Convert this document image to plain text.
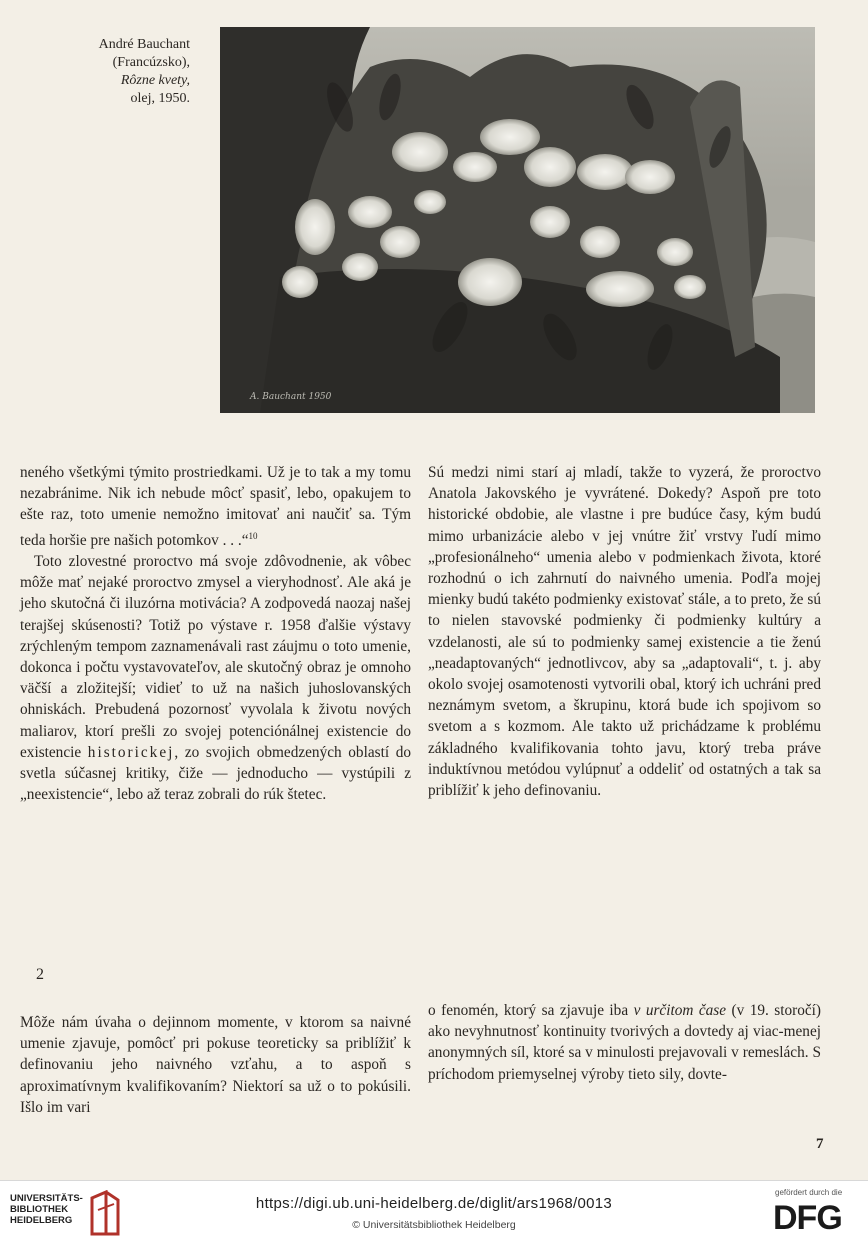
André Bauchant
(Francúzsko),
Rôzne kvety,
olej, 1950.
A. Bauchant 1950

neného všetkými týmito prostriedkami. Už je to tak a my tomu nezabránime. Nik ich nebude môcť spasiť, lebo, opakujem to ešte raz, toto umenie nemožno imitovať ani naučiť sa. Tým teda horšie pre našich potomkov . . .“$^{10}$

Toto zlovestné proroctvo má svoje zdôvodnenie, ak vôbec môže mať nejaké proroctvo zmysel a vieryhodnosť. Ale aká je jeho skutočná či iluzórna motivácia? A zodpovedá naozaj našej terajšej skúsenosti? Totiž po výstave r. 1958 ďalšie výstavy zrýchleným tempom zaznamenávali rast záujmu o toto umenie, dokonca i počtu vystavovateľov, ale skutočný obraz je omnoho väčší a zložitejší; vidieť to už na našich juhoslovanských ohniskách. Prebudená pozornosť vyvolala k životu nových maliarov, ktorí prešli zo svojej potenciónálnej existencie do existencie historickej, zo svojich obmedzených oblastí do svetla súčasnej kritiky, čiže — jednoducho — vystúpili z „neexistencie“, lebo až teraz zobrali do rúk štetec.

Sú medzi nimi starí aj mladí, takže to vyzerá, že proroctvo Anatola Jakovského je vyvrátené. Dokedy? Aspoň pre toto historické obdobie, ale vlastne i pre budúce časy, kým budú mimo urbanizácie alebo v jej vnútre žiť vrstvy ľudí mimo „profesionálneho“ umenia alebo v podmienkach života, ktoré rozhodnú o ich zahrnutí do naivného umenia. Podľa mojej mienky budú takéto podmienky existovať stále, a to preto, že sú to nielen stavovské podmienky či podmienky kultúry a vzdelanosti, ale sú to podmienky samej existencie a tie ženú „neadaptovaných“ jednotlivcov, aby sa „adaptovali“, t. j. aby okolo svojej osamotenosti vytvorili obal, ktorý ich uchráni pred neznámym svetom, a škrupinu, ktorá bude ich spojivom so svetom a s kozmom. Ale takto už prichádzame k problému základného kvalifikovania tohto javu, ktorý treba práve induktívnou metódou vylúpnuť a oddeliť od ostatných a tak sa priblížiť k jeho definovaniu.

2

Môže nám úvaha o dejinnom momente, v ktorom sa naivné umenie zjavuje, pomôcť pri pokuse teoreticky sa priblížiť k definovaniu jeho naivného vzťahu, a to aspoň s aproximatívnym kvalifikovaním? Niektorí sa už o to pokúsili. Išlo im vari

o fenomén, ktorý sa zjavuje iba v určitom čase (v 19. storočí) ako nevyhnutnosť kontinuity tvorivých a dovtedy aj viac-menej anonymných síl, ktoré sa v minulosti prejavovali v remeslách. S príchodom priemyselnej výroby tieto sily, dovte-

7
UNIVERSITÄTS-
BIBLIOTHEK
HEIDELBERG
https://digi.ub.uni-heidelberg.de/diglit/ars1968/0013
© Universitätsbibliothek Heidelberg
gefördert durch die
DFG
